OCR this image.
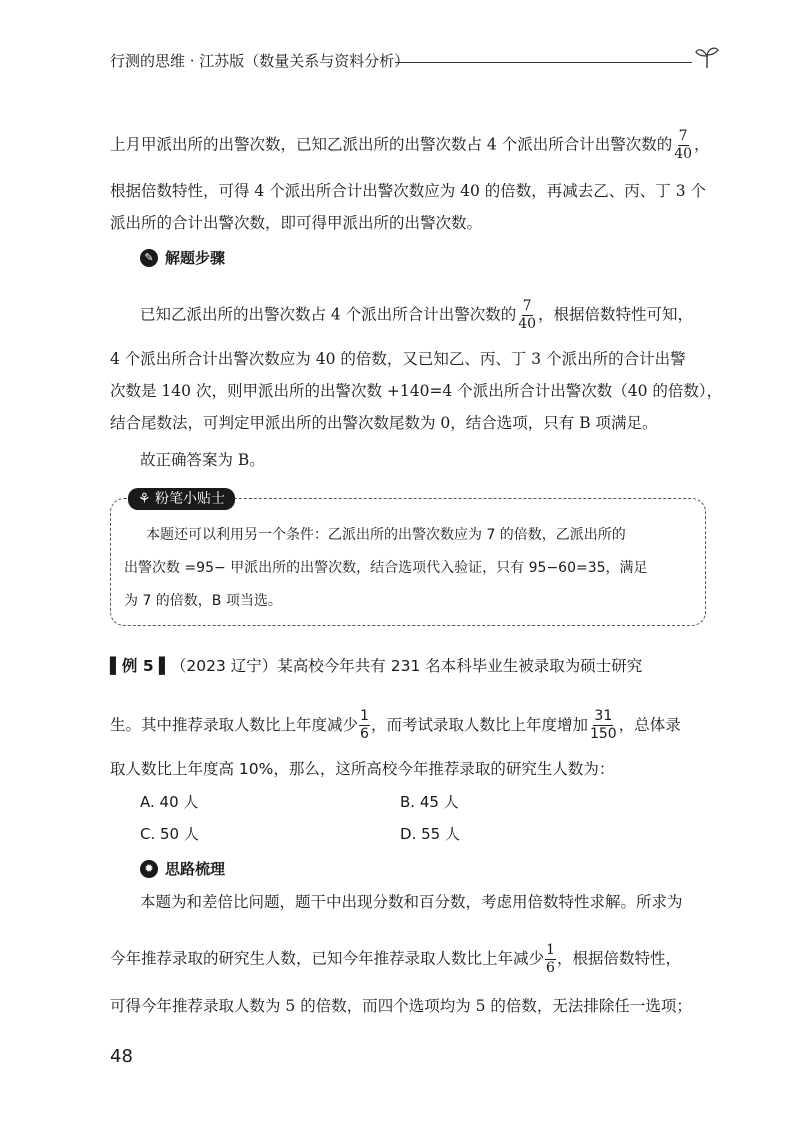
行测的思维 · 江苏版（数量关系与资料分析）
上月甲派出所的出警次数，已知乙派出所的出警次数占 4 个派出所合计出警次数的 $\frac{7}{40}$ ，
根据倍数特性，可得 4 个派出所合计出警次数应为 40 的倍数，再减去乙、丙、丁 3 个
派出所的合计出警次数，即可得甲派出所的出警次数。
✎ 解题步骤
已知乙派出所的出警次数占 4 个派出所合计出警次数的 $\frac{7}{40}$ ，根据倍数特性可知，
4 个派出所合计出警次数应为 40 的倍数，又已知乙、丙、丁 3 个派出所的合计出警
次数是 140 次，则甲派出所的出警次数 +140=4 个派出所合计出警次数（40 的倍数），
结合尾数法，可判定甲派出所的出警次数尾数为 0，结合选项，只有 B 项满足。
故正确答案为 B。
⚘ 粉笔小贴士
本题还可以利用另一个条件：乙派出所的出警次数应为 7 的倍数，乙派出所的
出警次数 =95− 甲派出所的出警次数，结合选项代入验证，只有 95−60=35，满足
为 7 的倍数，B 项当选。
▌例 5 ▌（2023 辽宁）某高校今年共有 231 名本科毕业生被录取为硕士研究
生。其中推荐录取人数比上年度减少 $\frac{1}{6}$ ，而考试录取人数比上年度增加 $\frac{31}{150}$ ，总体录
取人数比上年度高 10%，那么，这所高校今年推荐录取的研究生人数为：
A. 40 人	B. 45 人
C. 50 人	D. 55 人
✹ 思路梳理
本题为和差倍比问题，题干中出现分数和百分数，考虑用倍数特性求解。所求为
今年推荐录取的研究生人数，已知今年推荐录取人数比上年减少 $\frac{1}{6}$ ，根据倍数特性，
可得今年推荐录取人数为 5 的倍数，而四个选项均为 5 的倍数，无法排除任一选项；
48
